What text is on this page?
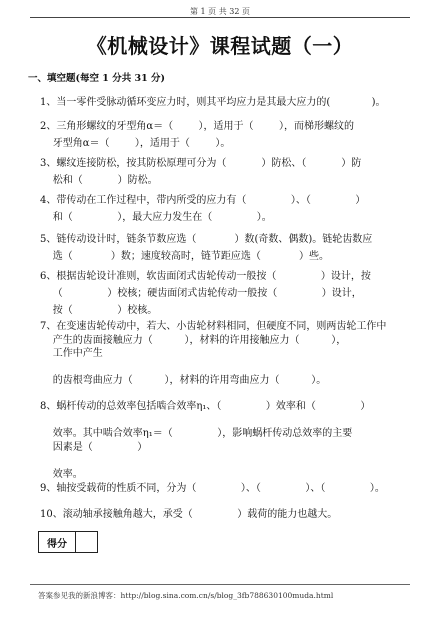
第 1 页 共 32 页
《机械设计》课程试题（一）
一、填空题(每空 1 分共 31 分)
1、当一零件受脉动循环变应力时，则其平均应力是其最大应力的(             )。
2、三角形螺纹的牙型角α＝（        ），适用于（        ），而梯形螺纹的
牙型角α＝（        ），适用于（        ）。
3、螺纹连接防松，按其防松原理可分为（           ）防松、（           ）防
松和（           ）防松。
4、带传动在工作过程中，带内所受的应力有（              ）、（              ）
和（              ），最大应力发生在（              ）。
5、链传动设计时，链条节数应选（            ）数(奇数、偶数)。链轮齿数应
选（            ）数；速度较高时，链节距应选（            ）些。
6、根据齿轮设计准则，软齿面闭式齿轮传动一般按（              ）设计，按
（              ）校核；硬齿面闭式齿轮传动一般按（              ）设计，
按（              ）校核。
7、在变速齿轮传动中，若大、小齿轮材料相同，但硬度不同，则两齿轮工作中
产生的齿面接触应力（          ），材料的许用接触应力（          ），
工作中产生

的齿根弯曲应力（          ），材料的许用弯曲应力（          ）。
8、蜗杆传动的总效率包括啮合效率η₁、（              ）效率和（              ）

效率。其中啮合效率η₁＝（              ），影响蜗杆传动总效率的主要
因素是（              ）

效率。
9、轴按受载荷的性质不同，分为（              ）、（              ）、（              ）。
10、滚动轴承接触角越大，承受（              ）载荷的能力也越大。
得分
答案参见我的新浪博客：http://blog.sina.com.cn/s/blog_3fb788630100muda.html
